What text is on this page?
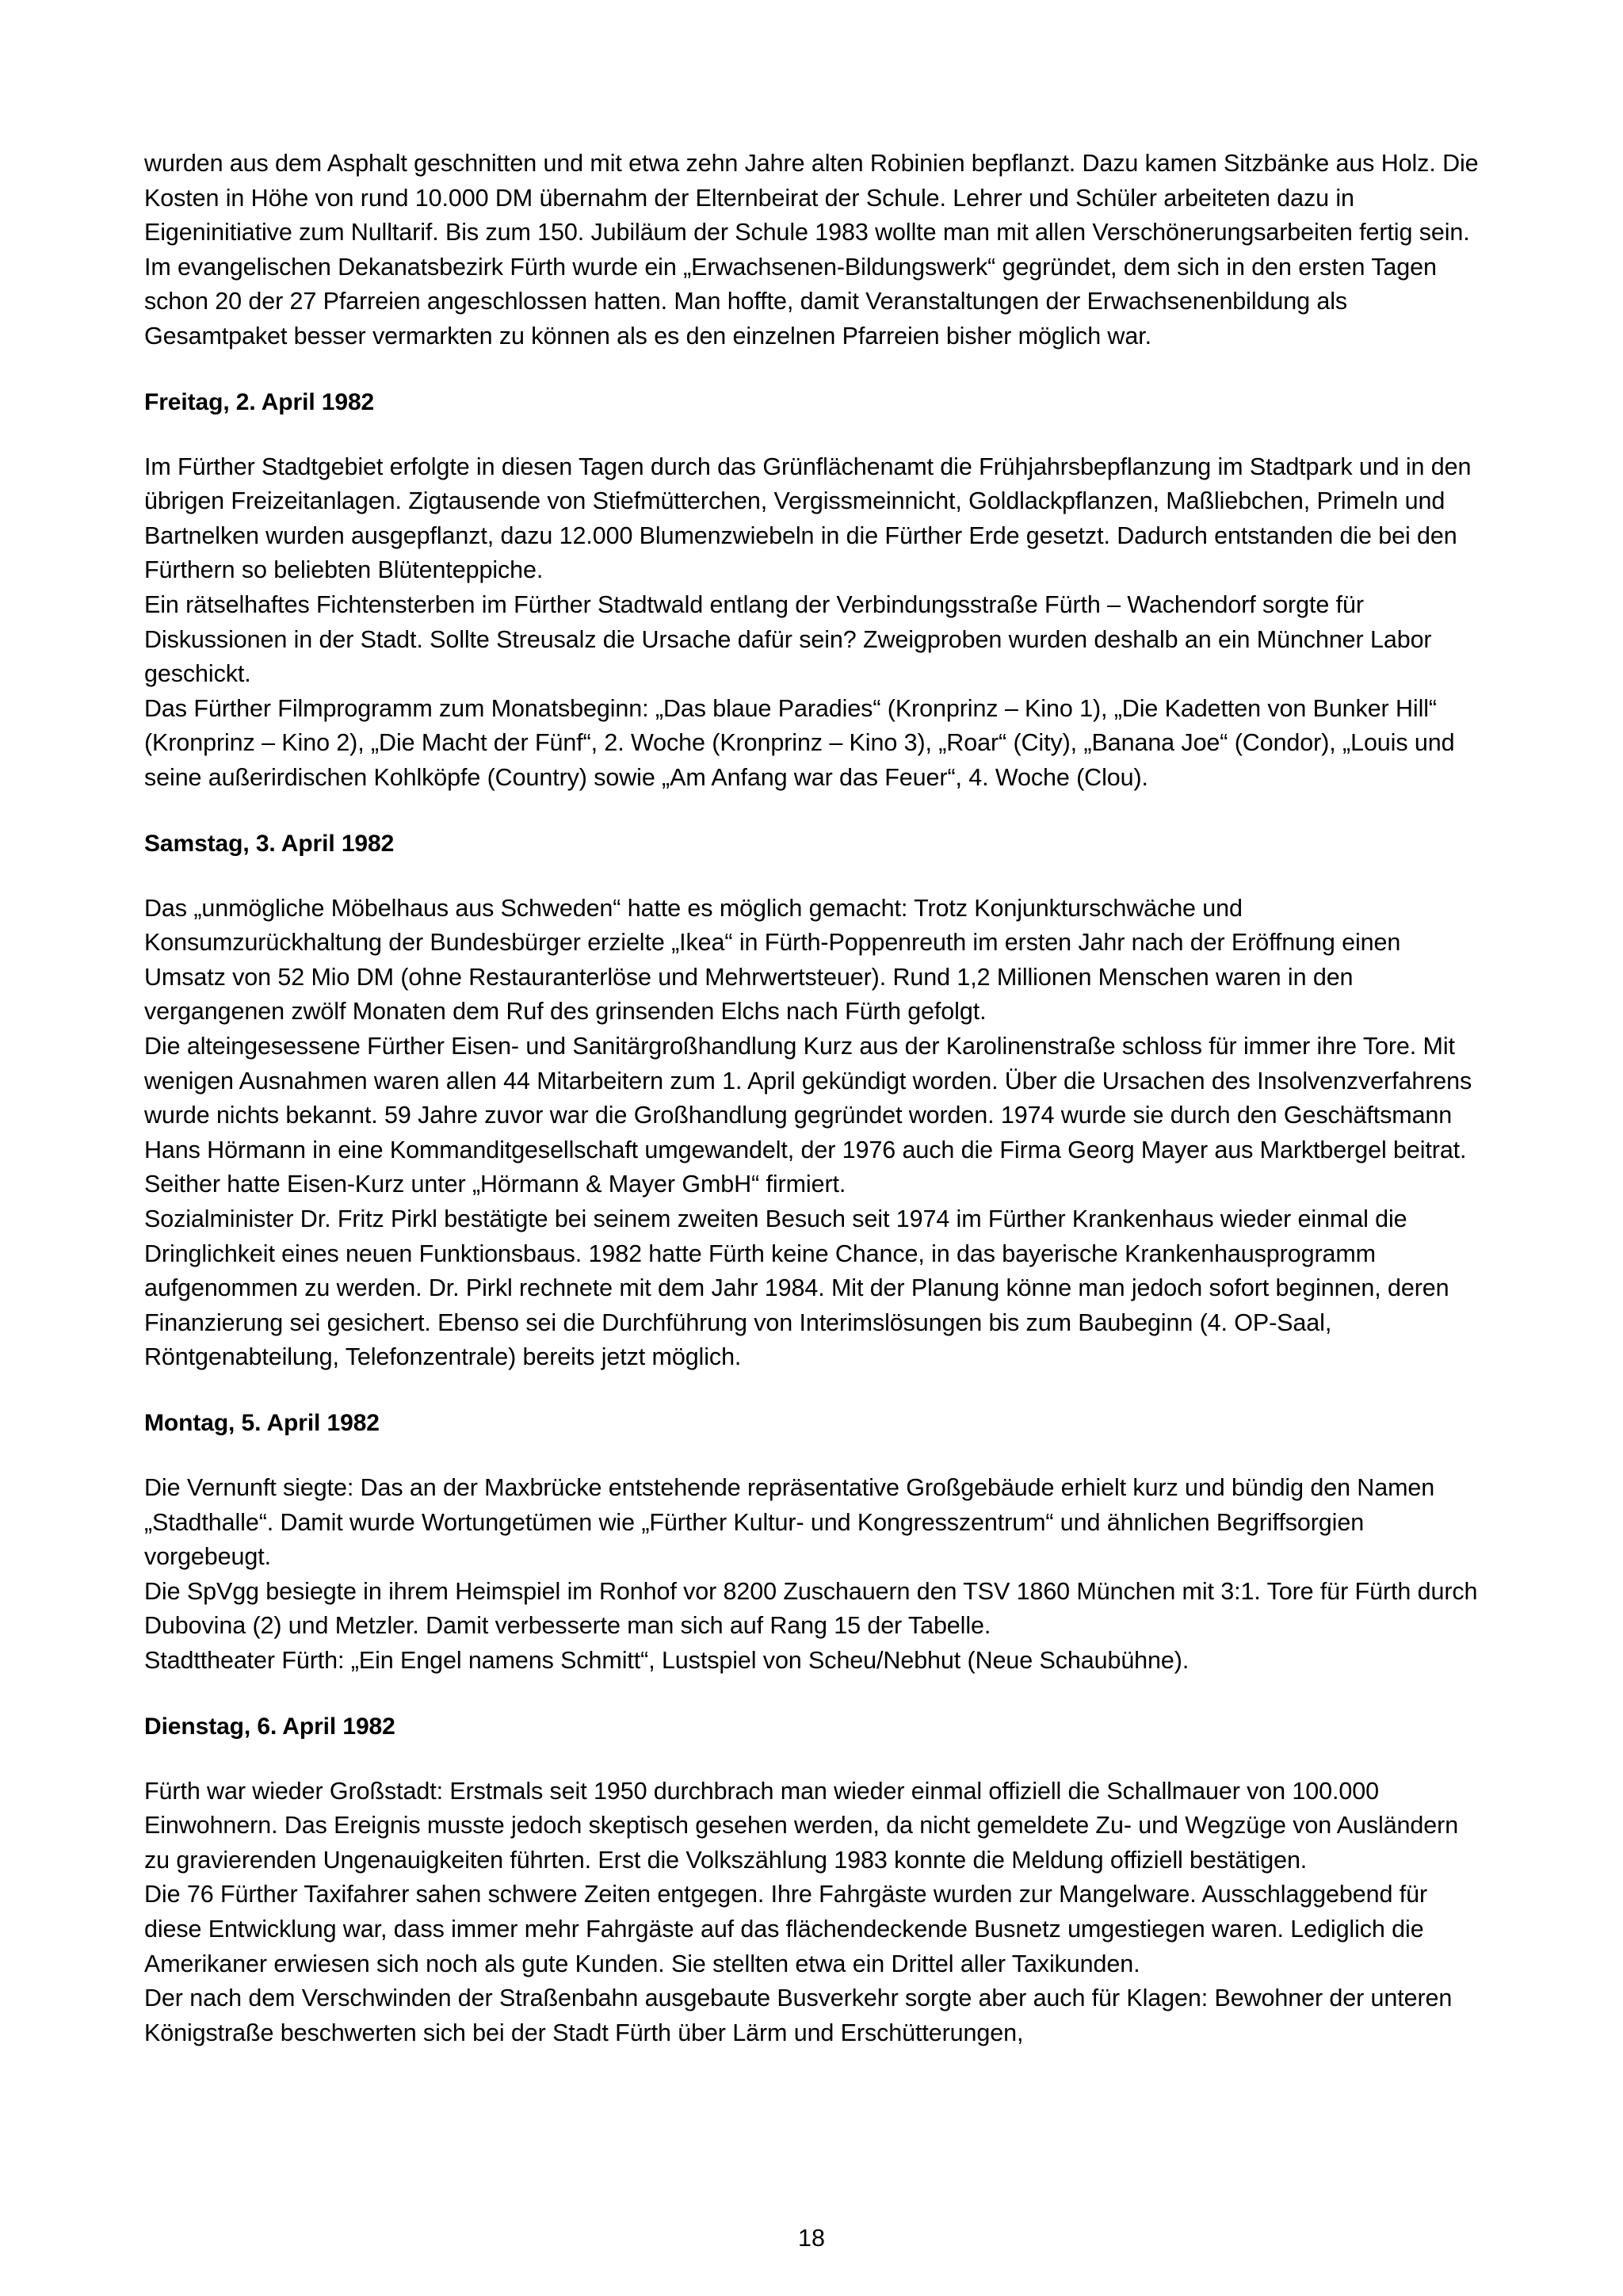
wurden aus dem Asphalt geschnitten und mit etwa zehn Jahre alten Robinien bepflanzt. Dazu kamen Sitzbänke aus Holz. Die Kosten in Höhe von rund 10.000 DM übernahm der Elternbeirat der Schule. Lehrer und Schüler arbeiteten dazu in Eigeninitiative zum Nulltarif. Bis zum 150. Jubiläum der Schule 1983 wollte man mit allen Verschönerungsarbeiten fertig sein.

Im evangelischen Dekanatsbezirk Fürth wurde ein „Erwachsenen-Bildungswerk“ gegründet, dem sich in den ersten Tagen schon 20 der 27 Pfarreien angeschlossen hatten. Man hoffte, damit Veranstaltungen der Erwachsenenbildung als Gesamtpaket besser vermarkten zu können als es den einzelnen Pfarreien bisher möglich war.

Freitag, 2. April 1982

Im Fürther Stadtgebiet erfolgte in diesen Tagen durch das Grünflächenamt die Frühjahrsbepflanzung im Stadtpark und in den übrigen Freizeitanlagen. Zigtausende von Stiefmütterchen, Vergissmeinnicht, Goldlackpflanzen, Maßliebchen, Primeln und Bartnelken wurden ausgepflanzt, dazu 12.000 Blumenzwiebeln in die Fürther Erde gesetzt. Dadurch entstanden die bei den Fürthern so beliebten Blütenteppiche.

Ein rätselhaftes Fichtensterben im Fürther Stadtwald entlang der Verbindungsstraße Fürth – Wachendorf sorgte für Diskussionen in der Stadt. Sollte Streusalz die Ursache dafür sein? Zweigproben wurden deshalb an ein Münchner Labor geschickt.

Das Fürther Filmprogramm zum Monatsbeginn: „Das blaue Paradies“ (Kronprinz – Kino 1), „Die Kadetten von Bunker Hill“ (Kronprinz – Kino 2), „Die Macht der Fünf“, 2. Woche (Kronprinz – Kino 3), „Roar“ (City), „Banana Joe“ (Condor), „Louis und seine außerirdischen Kohlköpfe (Country) sowie „Am Anfang war das Feuer“, 4. Woche (Clou).

Samstag, 3. April 1982

Das „unmögliche Möbelhaus aus Schweden“ hatte es möglich gemacht: Trotz Konjunkturschwäche und Konsumzurückhaltung der Bundesbürger erzielte „Ikea“ in Fürth-Poppenreuth im ersten Jahr nach der Eröffnung einen Umsatz von 52 Mio DM (ohne Restauranterlöse und Mehrwertsteuer). Rund 1,2 Millionen Menschen waren in den vergangenen zwölf Monaten dem Ruf des grinsenden Elchs nach Fürth gefolgt.

Die alteingesessene Fürther Eisen- und Sanitärgroßhandlung Kurz aus der Karolinenstraße schloss für immer ihre Tore. Mit wenigen Ausnahmen waren allen 44 Mitarbeitern zum 1. April gekündigt worden. Über die Ursachen des Insolvenzverfahrens wurde nichts bekannt. 59 Jahre zuvor war die Großhandlung gegründet worden. 1974 wurde sie durch den Geschäftsmann Hans Hörmann in eine Kommanditgesellschaft umgewandelt, der 1976 auch die Firma Georg Mayer aus Marktbergel beitrat. Seither hatte Eisen-Kurz unter „Hörmann & Mayer GmbH“ firmiert.

Sozialminister Dr. Fritz Pirkl bestätigte bei seinem zweiten Besuch seit 1974 im Fürther Krankenhaus wieder einmal die Dringlichkeit eines neuen Funktionsbaus. 1982 hatte Fürth keine Chance, in das bayerische Krankenhausprogramm aufgenommen zu werden. Dr. Pirkl rechnete mit dem Jahr 1984. Mit der Planung könne man jedoch sofort beginnen, deren Finanzierung sei gesichert. Ebenso sei die Durchführung von Interimslösungen bis zum Baubeginn (4. OP-Saal, Röntgenabteilung, Telefonzentrale) bereits jetzt möglich.

Montag, 5. April 1982

Die Vernunft siegte: Das an der Maxbrücke entstehende repräsentative Großgebäude erhielt kurz und bündig den Namen „Stadthalle“. Damit wurde Wortungetümen wie „Fürther Kultur- und Kongresszentrum“ und ähnlichen Begriffsorgien vorgebeugt.

Die SpVgg besiegte in ihrem Heimspiel im Ronhof vor 8200 Zuschauern den TSV 1860 München mit 3:1. Tore für Fürth durch Dubovina (2) und Metzler. Damit verbesserte man sich auf Rang 15 der Tabelle.

Stadttheater Fürth: „Ein Engel namens Schmitt“, Lustspiel von Scheu/Nebhut (Neue Schaubühne).

Dienstag, 6. April 1982

Fürth war wieder Großstadt: Erstmals seit 1950 durchbrach man wieder einmal offiziell die Schallmauer von 100.000 Einwohnern. Das Ereignis musste jedoch skeptisch gesehen werden, da nicht gemeldete Zu- und Wegzüge von Ausländern zu gravierenden Ungenauigkeiten führten. Erst die Volkszählung 1983 konnte die Meldung offiziell bestätigen.

Die 76 Fürther Taxifahrer sahen schwere Zeiten entgegen. Ihre Fahrgäste wurden zur Mangelware. Ausschlaggebend für diese Entwicklung war, dass immer mehr Fahrgäste auf das flächendeckende Busnetz umgestiegen waren. Lediglich die Amerikaner erwiesen sich noch als gute Kunden. Sie stellten etwa ein Drittel aller Taxikunden.

Der nach dem Verschwinden der Straßenbahn ausgebaute Busverkehr sorgte aber auch für Klagen: Bewohner der unteren Königstraße beschwerten sich bei der Stadt Fürth über Lärm und Erschütterungen,

18
